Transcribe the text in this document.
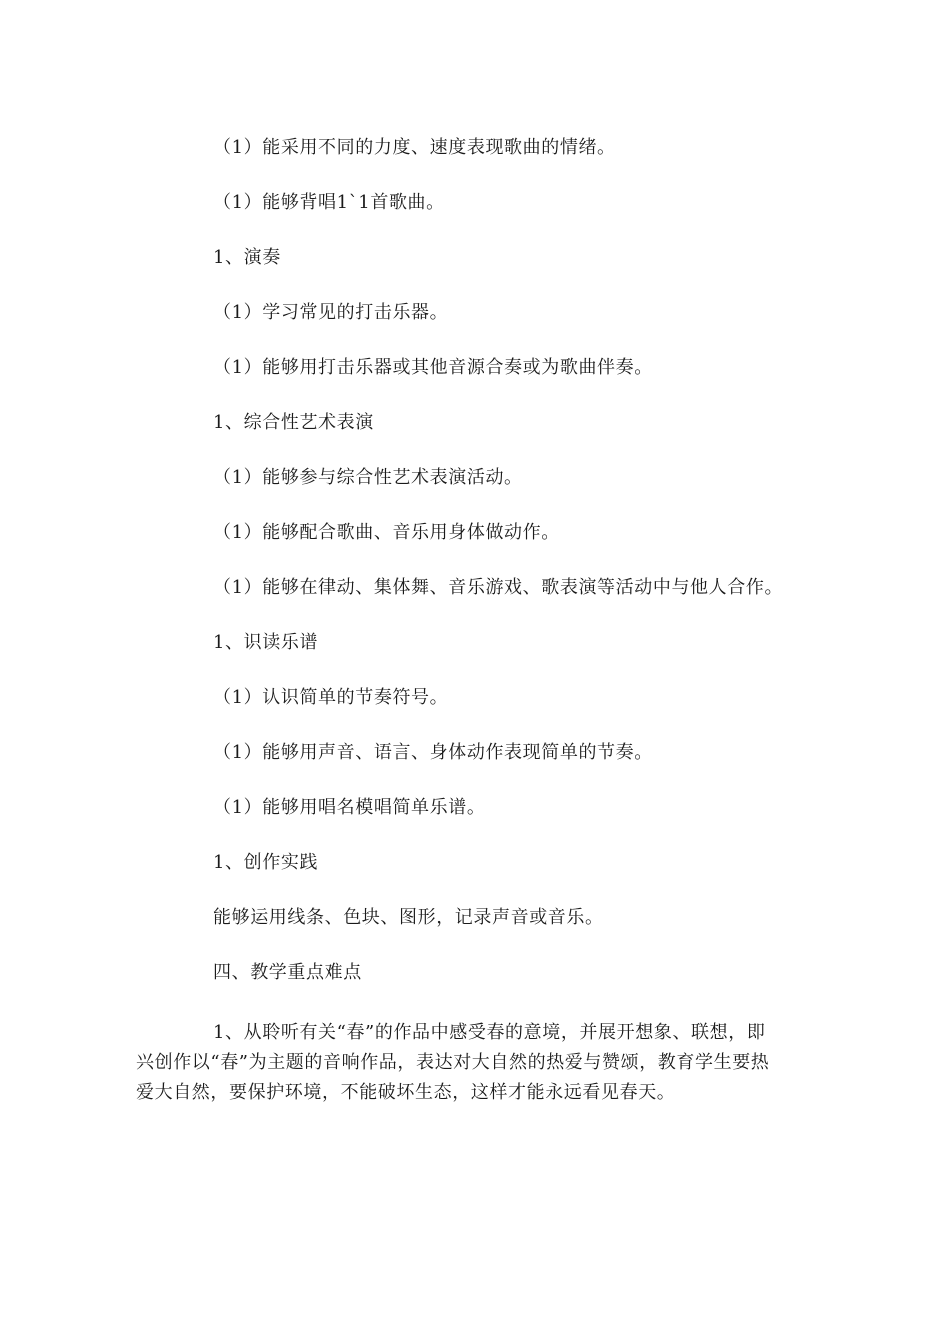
（1）能采用不同的力度、速度表现歌曲的情绪。
（1）能够背唱1`1首歌曲。
1、演奏
（1）学习常见的打击乐器。
（1）能够用打击乐器或其他音源合奏或为歌曲伴奏。
1、综合性艺术表演
（1）能够参与综合性艺术表演活动。
（1）能够配合歌曲、音乐用身体做动作。
（1）能够在律动、集体舞、音乐游戏、歌表演等活动中与他人合作。
1、识读乐谱
（1）认识简单的节奏符号。
（1）能够用声音、语言、身体动作表现简单的节奏。
（1）能够用唱名模唱简单乐谱。
1、创作实践
能够运用线条、色块、图形，记录声音或音乐。
四、教学重点难点
1、从聆听有关“春”的作品中感受春的意境，并展开想象、联想，即
兴创作以“春”为主题的音响作品，表达对大自然的热爱与赞颂，教育学生要热
爱大自然，要保护环境，不能破坏生态，这样才能永远看见春天。
